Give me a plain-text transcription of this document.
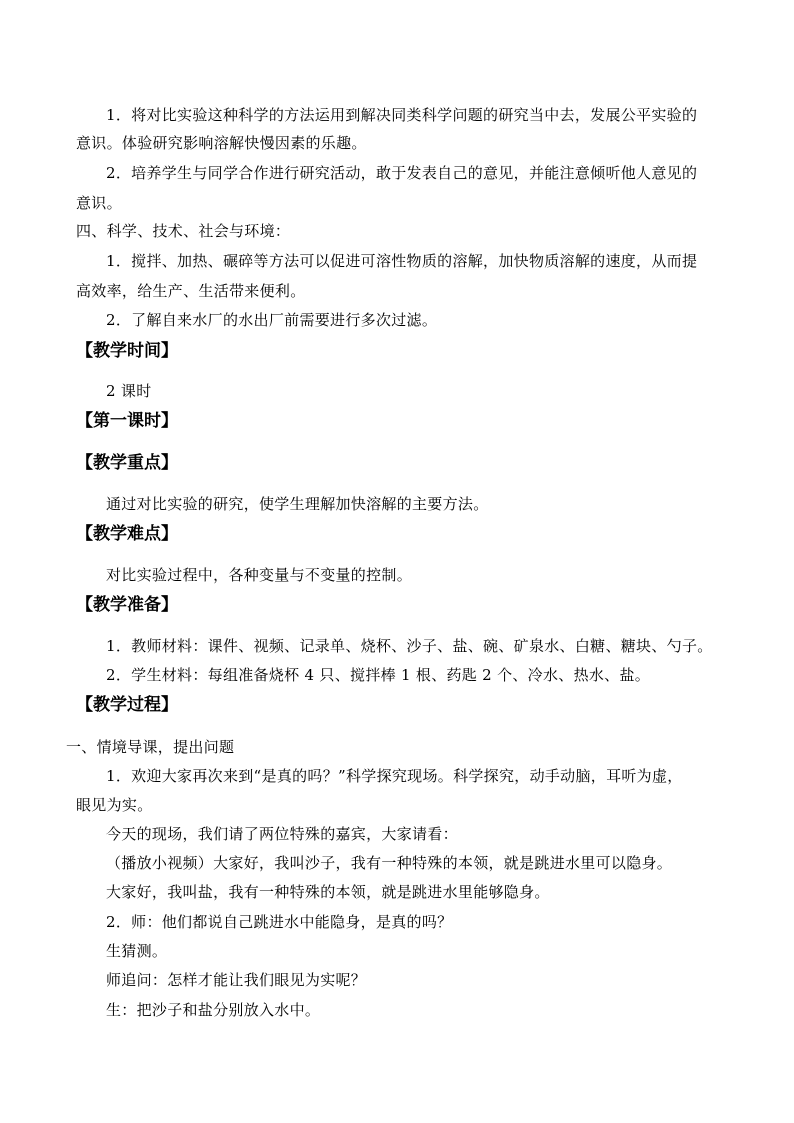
1．将对比实验这种科学的方法运用到解决同类科学问题的研究当中去，发展公平实验的
意识。体验研究影响溶解快慢因素的乐趣。
2．培养学生与同学合作进行研究活动，敢于发表自己的意见，并能注意倾听他人意见的
意识。
四、科学、技术、社会与环境：
1．搅拌、加热、碾碎等方法可以促进可溶性物质的溶解，加快物质溶解的速度，从而提
高效率，给生产、生活带来便利。
2．了解自来水厂的水出厂前需要进行多次过滤。
【教学时间】
2 课时
【第一课时】
【教学重点】
通过对比实验的研究，使学生理解加快溶解的主要方法。
【教学难点】
对比实验过程中，各种变量与不变量的控制。
【教学准备】
1．教师材料：课件、视频、记录单、烧杯、沙子、盐、碗、矿泉水、白糖、糖块、勺子。
2．学生材料：每组准备烧杯 4 只、搅拌棒 1 根、药匙 2 个、冷水、热水、盐。
【教学过程】
一、情境导课，提出问题
1．欢迎大家再次来到“是真的吗？”科学探究现场。科学探究，动手动脑，耳听为虚，
眼见为实。
今天的现场，我们请了两位特殊的嘉宾，大家请看：
（播放小视频）大家好，我叫沙子，我有一种特殊的本领，就是跳进水里可以隐身。
大家好，我叫盐，我有一种特殊的本领，就是跳进水里能够隐身。
2．师：他们都说自己跳进水中能隐身，是真的吗？
生猜测。
师追问：怎样才能让我们眼见为实呢？
生：把沙子和盐分别放入水中。
